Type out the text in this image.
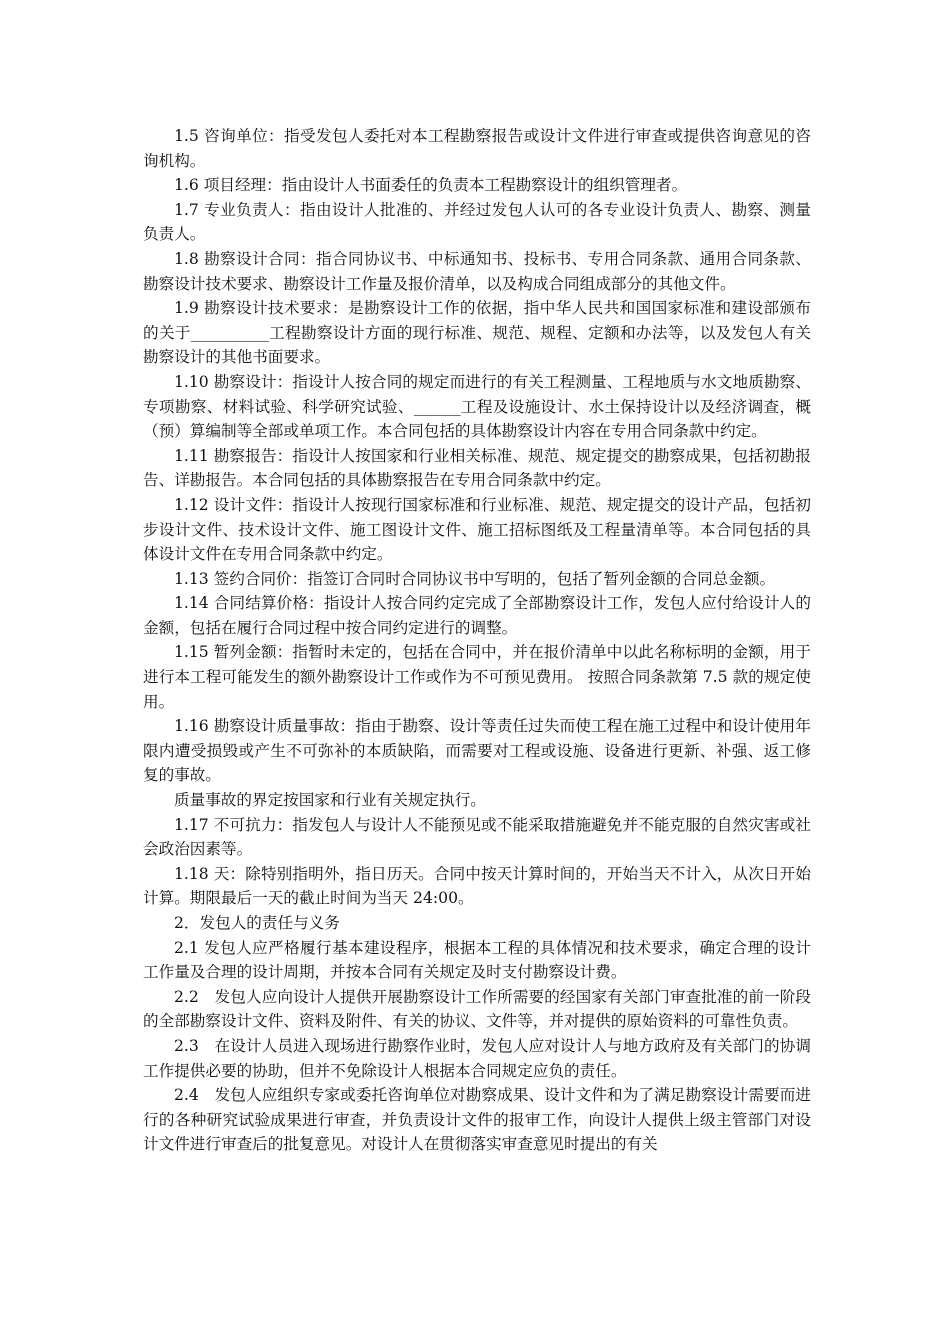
1.5 咨询单位：指受发包人委托对本工程勘察报告或设计文件进行审查或提供咨询意见的咨询机构。

1.6 项目经理：指由设计人书面委任的负责本工程勘察设计的组织管理者。

1.7 专业负责人：指由设计人批准的、并经过发包人认可的各专业设计负责人、勘察、测量负责人。

1.8 勘察设计合同：指合同协议书、中标通知书、投标书、专用合同条款、通用合同条款、勘察设计技术要求、勘察设计工作量及报价清单，以及构成合同组成部分的其他文件。

1.9 勘察设计技术要求：是勘察设计工作的依据，指中华人民共和国国家标准和建设部颁布的关于__________工程勘察设计方面的现行标准、规范、规程、定额和办法等，以及发包人有关勘察设计的其他书面要求。

1.10 勘察设计：指设计人按合同的规定而进行的有关工程测量、工程地质与水文地质勘察、专项勘察、材料试验、科学研究试验、______工程及设施设计、水土保持设计以及经济调查，概（预）算编制等全部或单项工作。本合同包括的具体勘察设计内容在专用合同条款中约定。

1.11 勘察报告：指设计人按国家和行业相关标准、规范、规定提交的勘察成果，包括初勘报告、详勘报告。本合同包括的具体勘察报告在专用合同条款中约定。

1.12 设计文件：指设计人按现行国家标准和行业标准、规范、规定提交的设计产品，包括初步设计文件、技术设计文件、施工图设计文件、施工招标图纸及工程量清单等。本合同包括的具体设计文件在专用合同条款中约定。

1.13 签约合同价：指签订合同时合同协议书中写明的，包括了暂列金额的合同总金额。

1.14 合同结算价格：指设计人按合同约定完成了全部勘察设计工作，发包人应付给设计人的金额，包括在履行合同过程中按合同约定进行的调整。

1.15 暂列金额：指暂时未定的，包括在合同中，并在报价清单中以此名称标明的金额，用于进行本工程可能发生的额外勘察设计工作或作为不可预见费用。 按照合同条款第 7.5 款的规定使用。

1.16 勘察设计质量事故：指由于勘察、设计等责任过失而使工程在施工过程中和设计使用年限内遭受损毁或产生不可弥补的本质缺陷，而需要对工程或设施、设备进行更新、补强、返工修复的事故。

质量事故的界定按国家和行业有关规定执行。

1.17 不可抗力：指发包人与设计人不能预见或不能采取措施避免并不能克服的自然灾害或社会政治因素等。

1.18 天：除特别指明外，指日历天。合同中按天计算时间的，开始当天不计入，从次日开始计算。期限最后一天的截止时间为当天 24:00。

2．发包人的责任与义务

2.1 发包人应严格履行基本建设程序，根据本工程的具体情况和技术要求，确定合理的设计工作量及合理的设计周期，并按本合同有关规定及时支付勘察设计费。

2.2　发包人应向设计人提供开展勘察设计工作所需要的经国家有关部门审查批准的前一阶段的全部勘察设计文件、资料及附件、有关的协议、文件等，并对提供的原始资料的可靠性负责。

2.3　在设计人员进入现场进行勘察作业时，发包人应对设计人与地方政府及有关部门的协调工作提供必要的协助，但并不免除设计人根据本合同规定应负的责任。

2.4　发包人应组织专家或委托咨询单位对勘察成果、设计文件和为了满足勘察设计需要而进行的各种研究试验成果进行审查，并负责设计文件的报审工作，向设计人提供上级主管部门对设计文件进行审查后的批复意见。对设计人在贯彻落实审查意见时提出的有关
